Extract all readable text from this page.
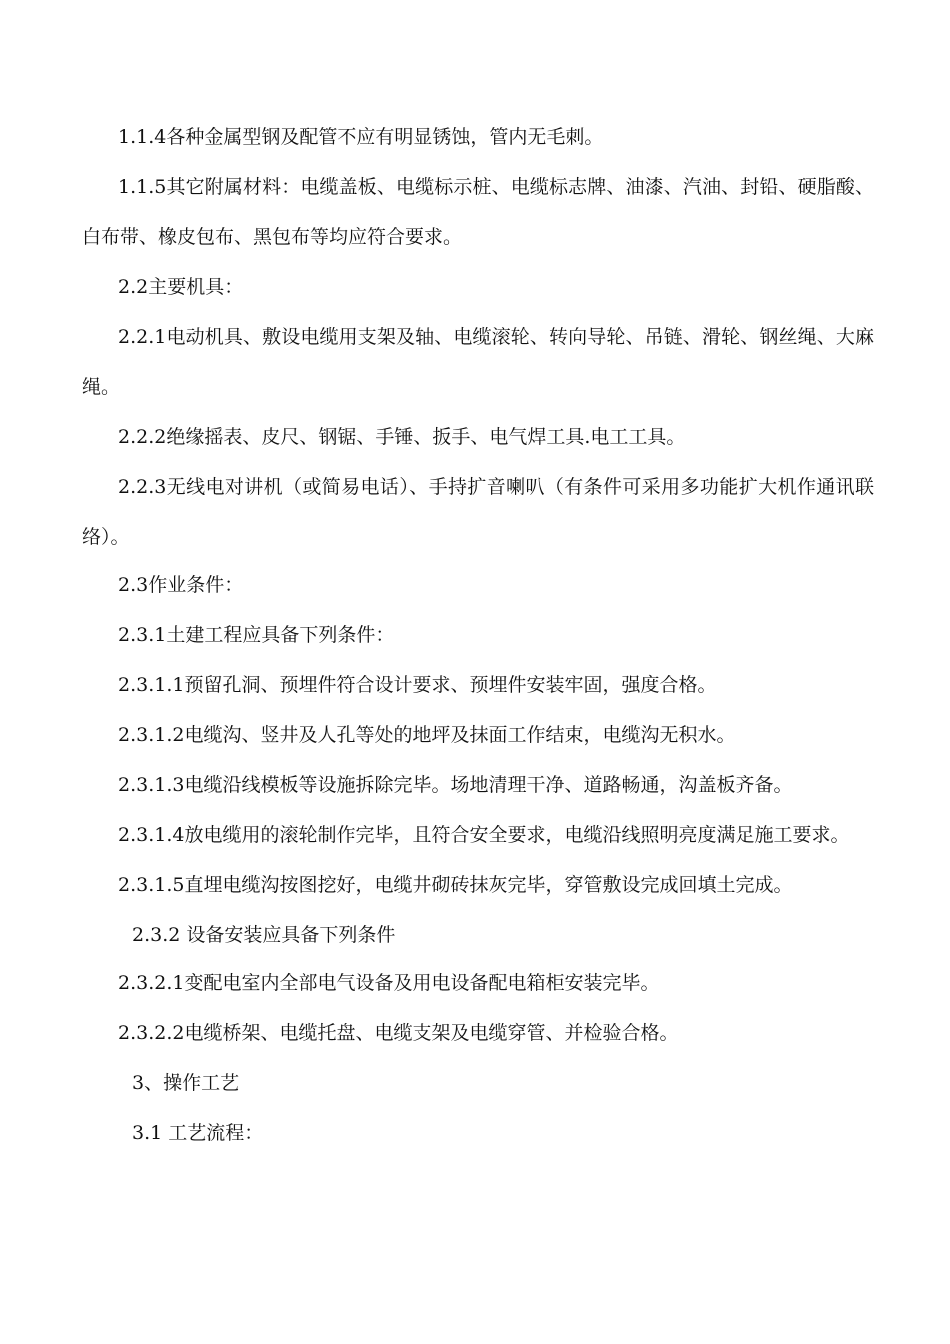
1.1.4各种金属型钢及配管不应有明显锈蚀，管内无毛刺。

1.1.5其它附属材料：电缆盖板、电缆标示桩、电缆标志牌、油漆、汽油、封铅、硬脂酸、白布带、橡皮包布、黑包布等均应符合要求。

2.2主要机具：

2.2.1电动机具、敷设电缆用支架及轴、电缆滚轮、转向导轮、吊链、滑轮、钢丝绳、大麻绳。

2.2.2绝缘摇表、皮尺、钢锯、手锤、扳手、电气焊工具.电工工具。

2.2.3无线电对讲机（或简易电话）、手持扩音喇叭（有条件可采用多功能扩大机作通讯联络）。

2.3作业条件：

2.3.1土建工程应具备下列条件：

2.3.1.1预留孔洞、预埋件符合设计要求、预埋件安装牢固，强度合格。

2.3.1.2电缆沟、竖井及人孔等处的地坪及抹面工作结束，电缆沟无积水。

2.3.1.3电缆沿线模板等设施拆除完毕。场地清理干净、道路畅通，沟盖板齐备。

2.3.1.4放电缆用的滚轮制作完毕，且符合安全要求，电缆沿线照明亮度满足施工要求。

2.3.1.5直埋电缆沟按图挖好，电缆井砌砖抹灰完毕，穿管敷设完成回填土完成。

2.3.2 设备安装应具备下列条件

2.3.2.1变配电室内全部电气设备及用电设备配电箱柜安装完毕。

2.3.2.2电缆桥架、电缆托盘、电缆支架及电缆穿管、并检验合格。

3、操作工艺

3.1 工艺流程：
